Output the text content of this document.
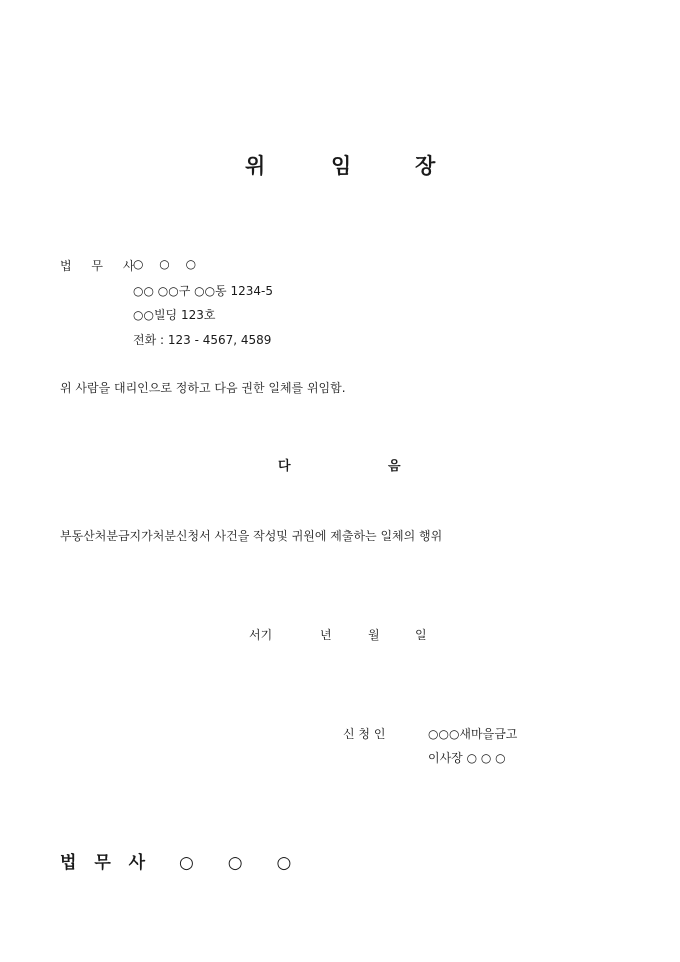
위	임	장
법 무 사
○ ○ ○
○○ ○○구 ○○동 1234-5
○○빌딩 123호
전화 : 123 - 4567, 4589
위 사람을 대리인으로 정하고 다음 권한 일체를 위임함.
다	음
부동산처분금지가처분신청서 사건을 작성및 귀원에 제출하는 일체의 행위
서기	년	월	일
신 청 인	○○○새마을금고
이사장 ○ ○ ○
법 무 사 ○ ○ ○
